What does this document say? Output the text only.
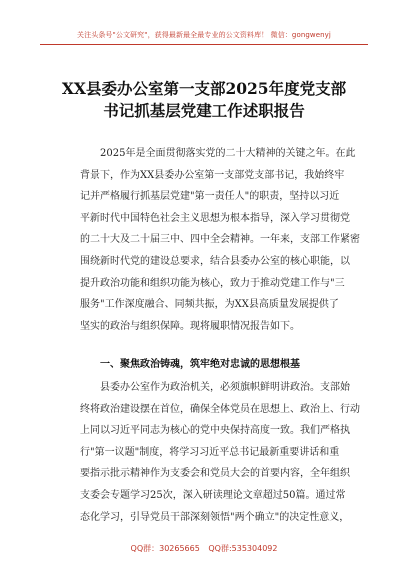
关注头条号"公文研究"，获得最新最全最专业的公文资料库！ 微信：gongwenyj
XX县委办公室第一支部2025年度党支部
书记抓基层党建工作述职报告
　　2025年是全面贯彻落实党的二十大精神的关键之年。在此
背景下，作为XX县委办公室第一支部党支部书记，我始终牢
记并严格履行抓基层党建"第一责任人"的职责，坚持以习近
平新时代中国特色社会主义思想为根本指导，深入学习贯彻党
的二十大及二十届三中、四中全会精神。一年来，支部工作紧密
围绕新时代党的建设总要求，结合县委办公室的核心职能，以
提升政治功能和组织功能为核心，致力于推动党建工作与"三
服务"工作深度融合、同频共振，为XX县高质量发展提供了
坚实的政治与组织保障。现将履职情况报告如下。
　　一、聚焦政治铸魂，筑牢绝对忠诚的思想根基
　　县委办公室作为政治机关，必须旗帜鲜明讲政治。支部始
终将政治建设摆在首位，确保全体党员在思想上、政治上、行动
上同以习近平同志为核心的党中央保持高度一致。我们严格执
行"第一议题"制度，将学习习近平总书记最新重要讲话和重
要指示批示精神作为支委会和党员大会的首要内容，全年组织
支委会专题学习25次，深入研读理论文章超过50篇。通过常
态化学习，引导党员干部深刻领悟"两个确立"的决定性意义，
QQ群：30265665 QQ群:535304092
